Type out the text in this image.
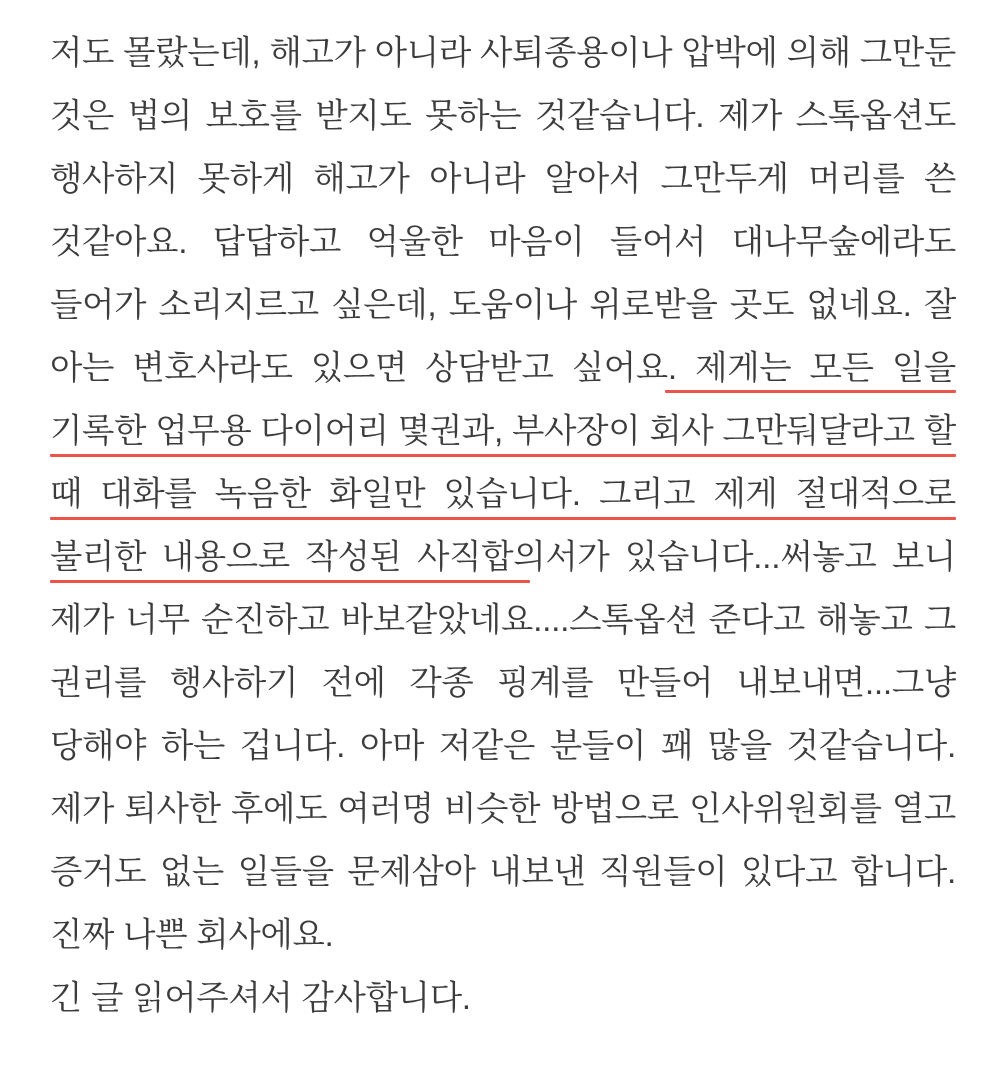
저도 몰랐는데, 해고가 아니라 사퇴종용이나 압박에 의해 그만둔 것은 법의 보호를 받지도 못하는 것같습니다. 제가 스톡옵션도 행사하지 못하게 해고가 아니라 알아서 그만두게 머리를 쓴 것같아요. 답답하고 억울한 마음이 들어서 대나무숲에라도 들어가 소리지르고 싶은데, 도움이나 위로받을 곳도 없네요. 잘 아는 변호사라도 있으면 상담받고 싶어요. 제게는 모든 일을 기록한 업무용 다이어리 몇권과, 부사장이 회사 그만둬달라고 할 때 대화를 녹음한 화일만 있습니다. 그리고 제게 절대적으로 불리한 내용으로 작성된 사직합의서가 있습니다...써놓고 보니 제가 너무 순진하고 바보같았네요....스톡옵션 준다고 해놓고 그 권리를 행사하기 전에 각종 핑계를 만들어 내보내면...그냥 당해야 하는 겁니다. 아마 저같은 분들이 꽤 많을 것같습니다. 제가 퇴사한 후에도 여러명 비슷한 방법으로 인사위원회를 열고 증거도 없는 일들을 문제삼아 내보낸 직원들이 있다고 합니다. 진짜 나쁜 회사에요.

긴 글 읽어주셔서 감사합니다.
